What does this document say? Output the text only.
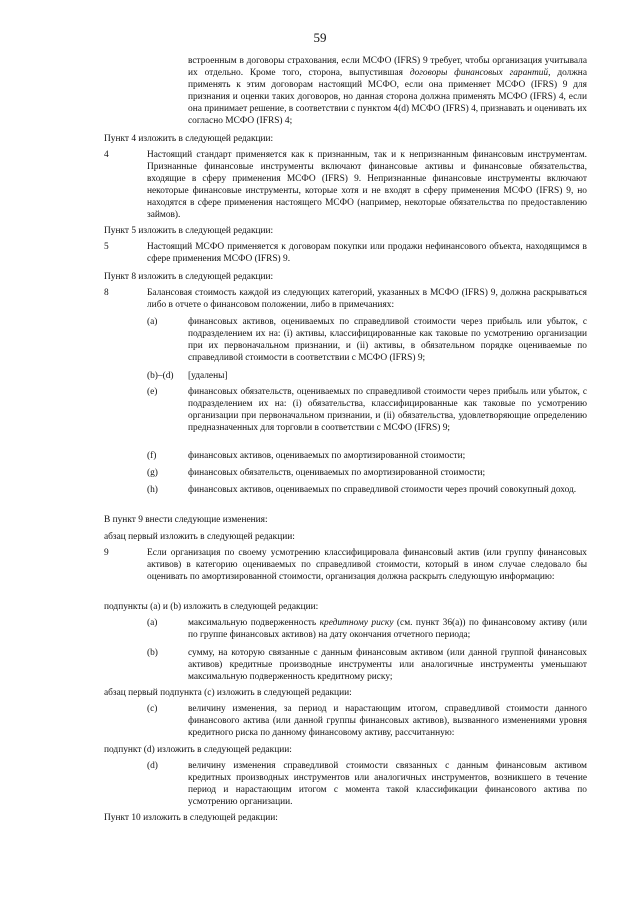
59

встроенным в договоры страхования, если МСФО (IFRS) 9 требует, чтобы организация учитывала их отдельно. Кроме того, сторона, выпустившая договоры финансовых гарантий, должна применять к этим договорам настоящий МСФО, если она применяет МСФО (IFRS) 9 для признания и оценки таких договоров, но данная сторона должна применять МСФО (IFRS) 4, если она принимает решение, в соответствии с пунктом 4(d) МСФО (IFRS) 4, признавать и оценивать их согласно МСФО (IFRS) 4;

Пункт 4 изложить в следующей редакции:
4	Настоящий стандарт применяется как к признанным, так и к непризнанным финансовым инструментам. Признанные финансовые инструменты включают финансовые активы и финансовые обязательства, входящие в сферу применения МСФО (IFRS) 9. Непризнанные финансовые инструменты включают некоторые финансовые инструменты, которые хотя и не входят в сферу применения МСФО (IFRS) 9, но находятся в сфере применения настоящего МСФО (например, некоторые обязательства по предоставлению займов).

Пункт 5 изложить в следующей редакции:
5	Настоящий МСФО применяется к договорам покупки или продажи нефинансового объекта, находящимся в сфере применения МСФО (IFRS) 9.

Пункт 8 изложить в следующей редакции:
8	Балансовая стоимость каждой из следующих категорий, указанных в МСФО (IFRS) 9, должна раскрываться либо в отчете о финансовом положении, либо в примечаниях:

(a)	финансовых активов, оцениваемых по справедливой стоимости через прибыль или убыток, с подразделением их на: (i) активы, классифицированные как таковые по усмотрению организации при их первоначальном признании, и (ii) активы, в обязательном порядке оцениваемые по справедливой стоимости в соответствии с МСФО (IFRS) 9;

(b)–(d) [удалены]

(e)	финансовых обязательств, оцениваемых по справедливой стоимости через прибыль или убыток, с подразделением их на: (i) обязательства, классифицированные как таковые по усмотрению организации при первоначальном признании, и (ii) обязательства, удовлетворяющие определению предназначенных для торговли в соответствии с МСФО (IFRS) 9;

(f)	финансовых активов, оцениваемых по амортизированной стоимости;

(g)	финансовых обязательств, оцениваемых по амортизированной стоимости;

(h)	финансовых активов, оцениваемых по справедливой стоимости через прочий совокупный доход.

В пункт 9 внести следующие изменения:
абзац первый изложить в следующей редакции:
9	Если организация по своему усмотрению классифицировала финансовый актив (или группу финансовых активов) в категорию оцениваемых по справедливой стоимости, который в ином случае следовало бы оценивать по амортизированной стоимости, организация должна раскрыть следующую информацию:

подпункты (a) и (b) изложить в следующей редакции:
(a)	максимальную подверженность кредитному риску (см. пункт 36(a)) по финансовому активу (или по группе финансовых активов) на дату окончания отчетного периода;

(b)	сумму, на которую связанные с данным финансовым активом (или данной группой финансовых активов) кредитные производные инструменты или аналогичные инструменты уменьшают максимальную подверженность кредитному риску;

абзац первый подпункта (c) изложить в следующей редакции:
(c)	величину изменения, за период и нарастающим итогом, справедливой стоимости данного финансового актива (или данной группы финансовых активов), вызванного изменениями уровня кредитного риска по данному финансовому активу, рассчитанную:

подпункт (d) изложить в следующей редакции:
(d)	величину изменения справедливой стоимости связанных с данным финансовым активом кредитных производных инструментов или аналогичных инструментов, возникшего в течение период и нарастающим итогом с момента такой классификации финансового актива по усмотрению организации.

Пункт 10 изложить в следующей редакции:
